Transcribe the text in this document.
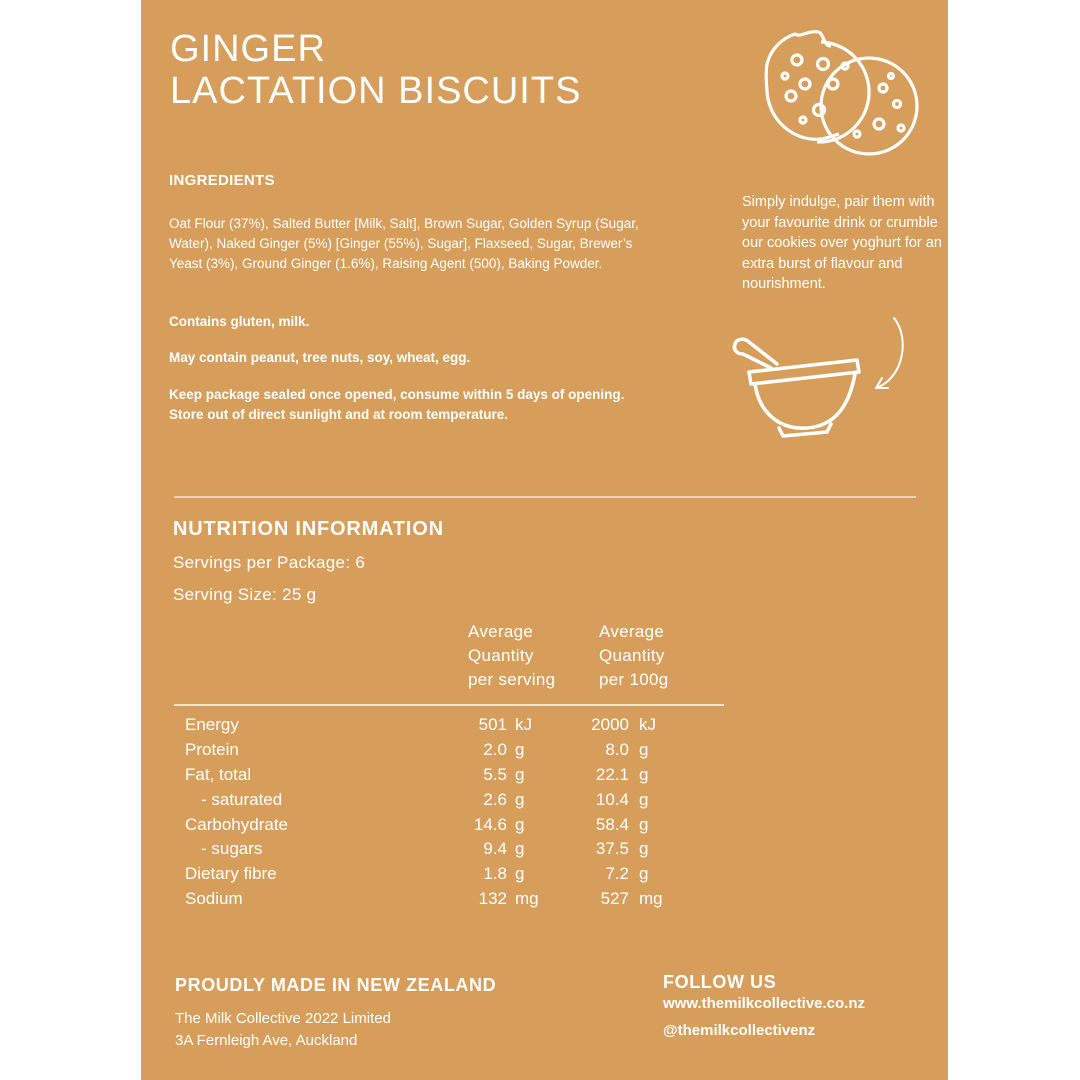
GINGER
LACTATION BISCUITS
INGREDIENTS
Oat Flour (37%), Salted Butter [Milk, Salt], Brown Sugar, Golden Syrup (Sugar, Water), Naked Ginger (5%) [Ginger (55%), Sugar], Flaxseed, Sugar, Brewer’s Yeast (3%), Ground Ginger (1.6%), Raising Agent (500), Baking Powder.
Contains gluten, milk.
May contain peanut, tree nuts, soy, wheat, egg.
Keep package sealed once opened, consume within 5 days of opening. Store out of direct sunlight and at room temperature.
Simply indulge, pair them with your favourite drink or crumble our cookies over yoghurt for an extra burst of flavour and nourishment.
NUTRITION INFORMATION
Servings per Package: 6
Serving Size: 25 g
Average
Quantity
per serving
Average
Quantity
per 100g
Energy	501	kJ	2000	kJ
Protein	2.0	g	8.0	g
Fat, total	5.5	g	22.1	g
- saturated	2.6	g	10.4	g
Carbohydrate	14.6	g	58.4	g
- sugars	9.4	g	37.5	g
Dietary fibre	1.8	g	7.2	g
Sodium	132	mg	527	mg
PROUDLY MADE IN NEW ZEALAND
The Milk Collective 2022 Limited
3A Fernleigh Ave, Auckland
FOLLOW US
www.themilkcollective.co.nz
@themilkcollectivenz
